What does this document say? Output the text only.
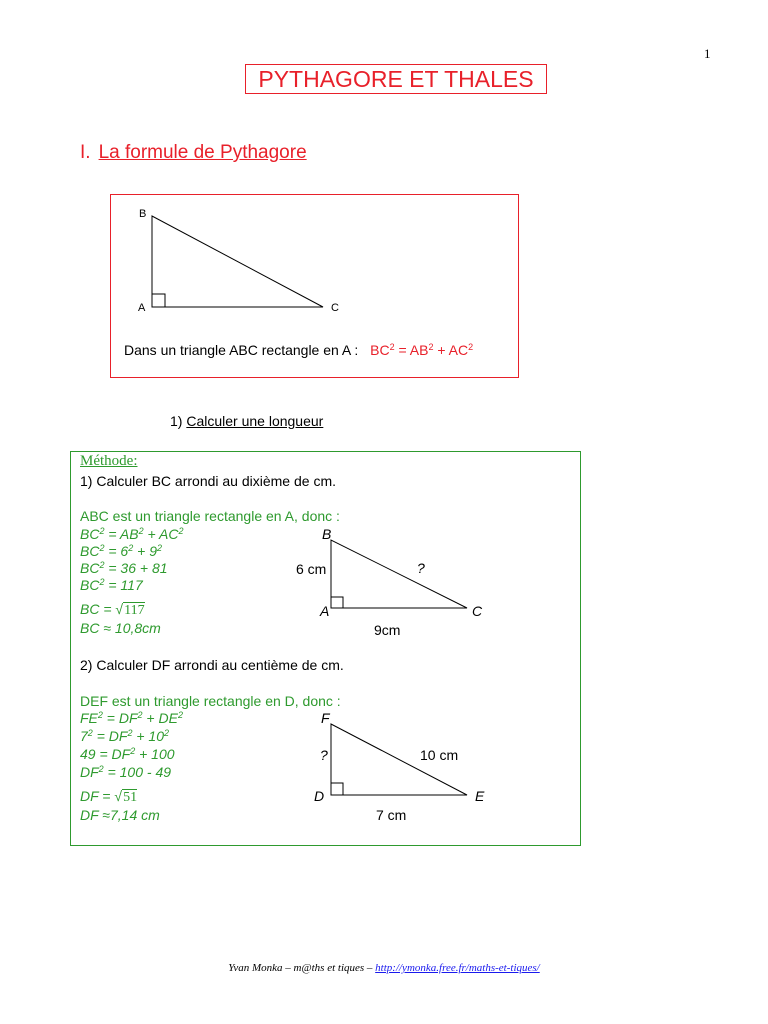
1
PYTHAGORE ET THALES
I. La formule de Pythagore
B
A	C
Dans un triangle ABC rectangle en A : $BC^2 = AB^2 + AC^2$
1) Calculer une longueur
Méthode:
1) Calculer BC arrondi au dixième de cm.
ABC est un triangle rectangle en A, donc :
$BC^2 = AB^2 + AC^2$
$BC^2 = 6^2 + 9^2$
$BC^2 = 36 + 81$
$BC^2 = 117$
BC = √117
BC ≈ 10,8cm
B
A	C
6 cm	?
9cm
2) Calculer DF arrondi au centième de cm.
DEF est un triangle rectangle en D, donc :
$FE^2 = DF^2 + DE^2$
$7^2 = DF^2 + 10^2$
$49 = DF^2 + 100$
$DF^2 = 100 - 49$
DF = √51
DF ≈7,14 cm
F
D	E
?	10 cm
7 cm
Yvan Monka – m@ths et tiques – http://ymonka.free.fr/maths-et-tiques/
